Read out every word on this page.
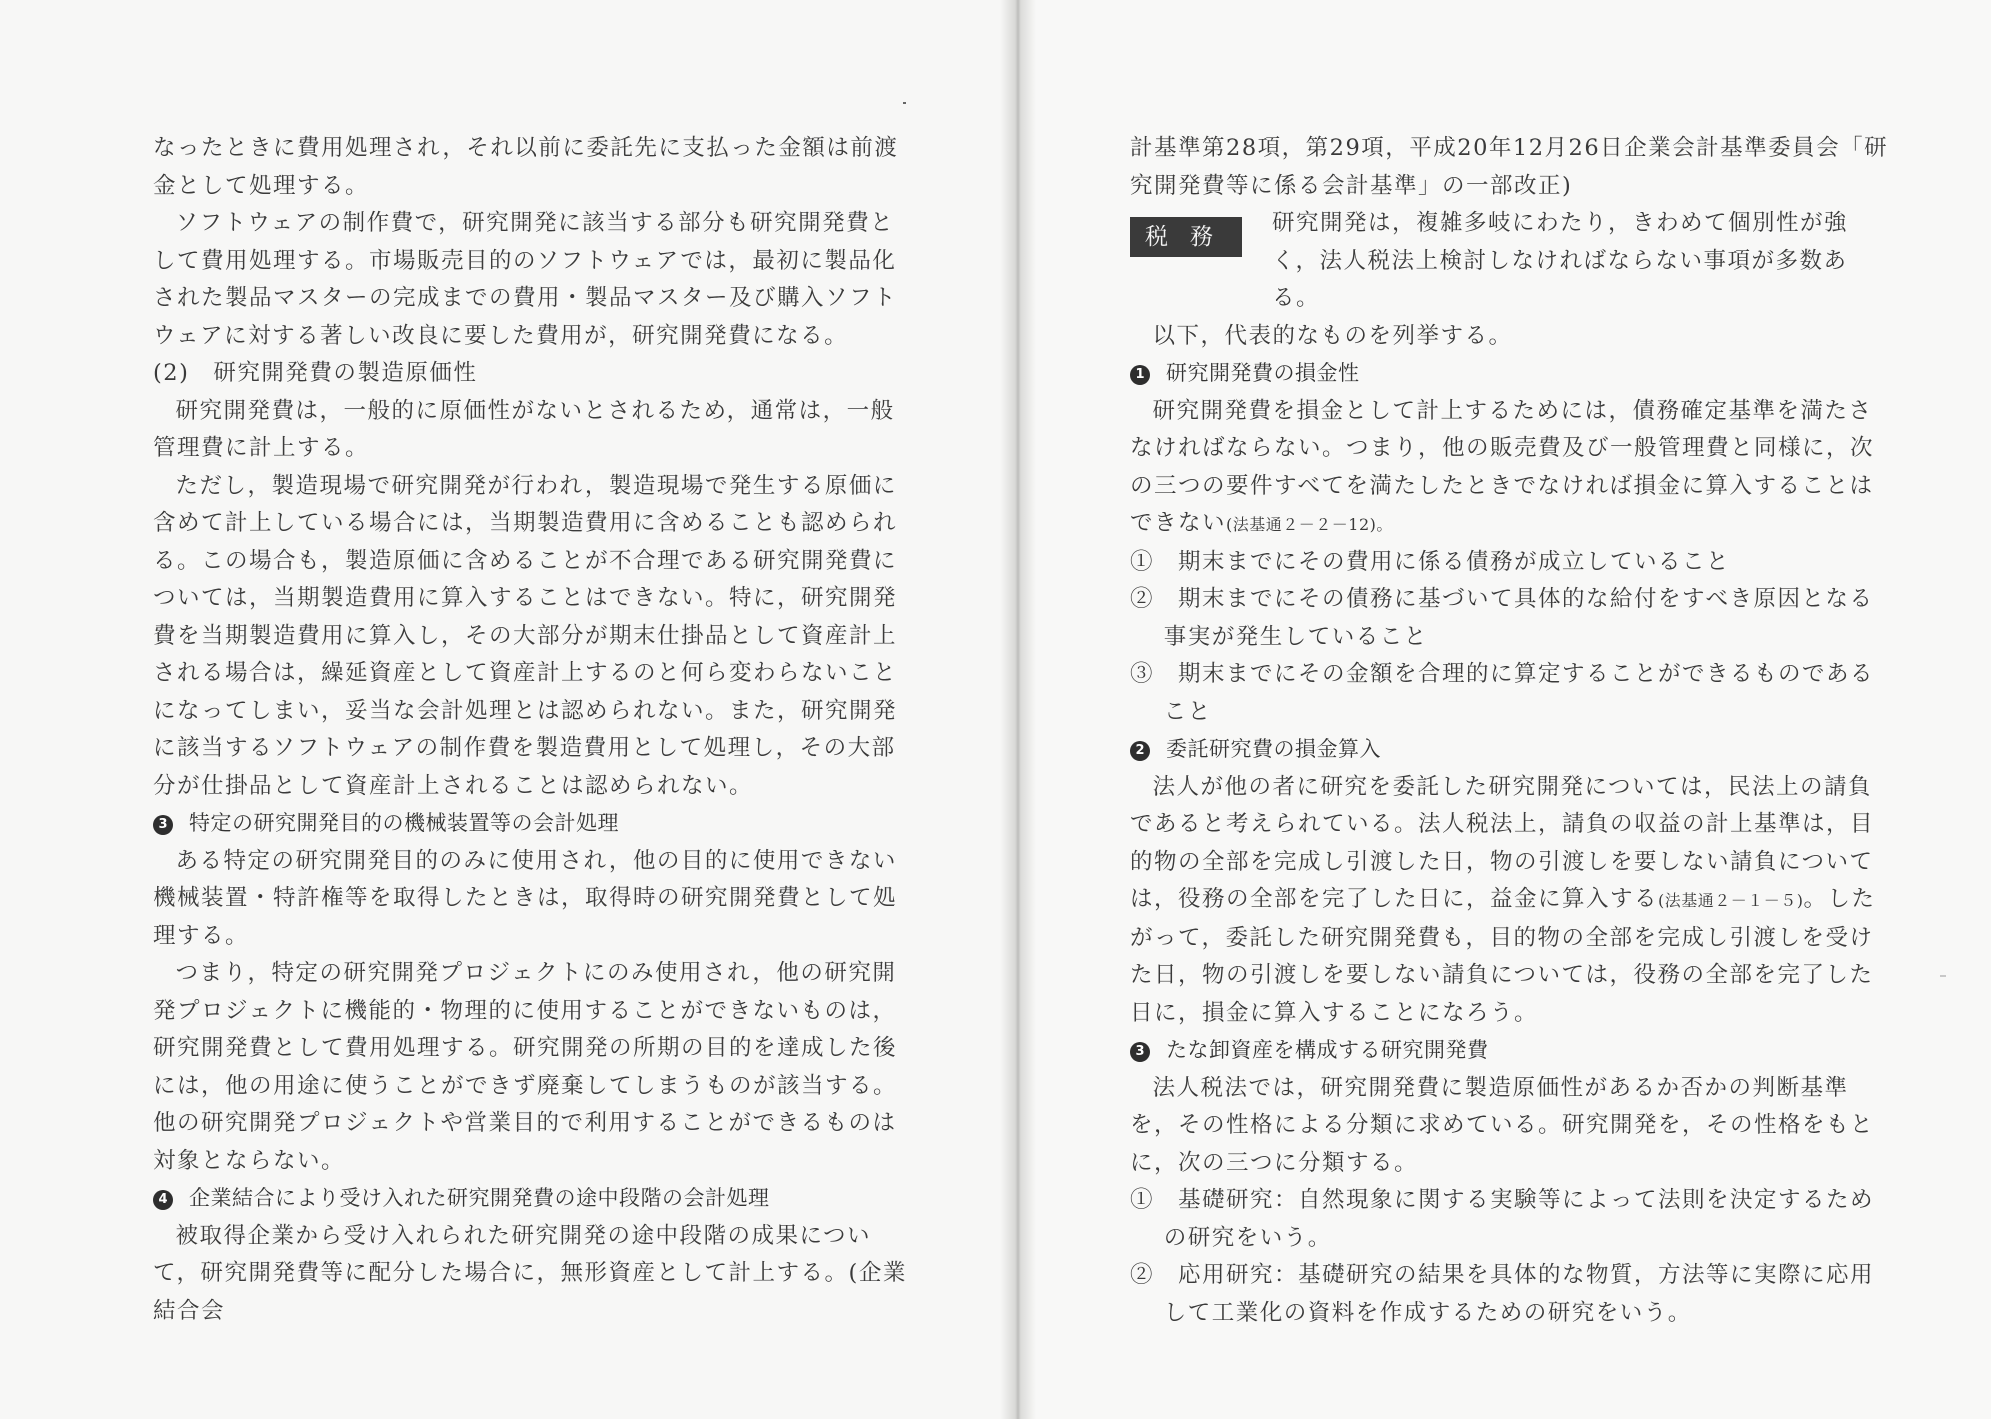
なったときに費用処理され，それ以前に委託先に支払った金額は前渡金として処理する。

ソフトウェアの制作費で，研究開発に該当する部分も研究開発費として費用処理する。市場販売目的のソフトウェアでは，最初に製品化された製品マスターの完成までの費用・製品マスター及び購入ソフトウェアに対する著しい改良に要した費用が，研究開発費になる。

(2)　研究開発費の製造原価性

研究開発費は，一般的に原価性がないとされるため，通常は，一般管理費に計上する。

ただし，製造現場で研究開発が行われ，製造現場で発生する原価に含めて計上している場合には，当期製造費用に含めることも認められる。この場合も，製造原価に含めることが不合理である研究開発費については，当期製造費用に算入することはできない。特に，研究開発費を当期製造費用に算入し，その大部分が期末仕掛品として資産計上される場合は，繰延資産として資産計上するのと何ら変わらないことになってしまい，妥当な会計処理とは認められない。また，研究開発に該当するソフトウェアの制作費を製造費用として処理し，その大部分が仕掛品として資産計上されることは認められない。

3 特定の研究開発目的の機械装置等の会計処理

ある特定の研究開発目的のみに使用され，他の目的に使用できない機械装置・特許権等を取得したときは，取得時の研究開発費として処理する。

つまり，特定の研究開発プロジェクトにのみ使用され，他の研究開発プロジェクトに機能的・物理的に使用することができないものは，研究開発費として費用処理する。研究開発の所期の目的を達成した後には，他の用途に使うことができず廃棄してしまうものが該当する。他の研究開発プロジェクトや営業目的で利用することができるものは対象とならない。

4 企業結合により受け入れた研究開発費の途中段階の会計処理

被取得企業から受け入れられた研究開発の途中段階の成果について，研究開発費等に配分した場合に，無形資産として計上する。(企業結合会

計基準第28項，第29項，平成20年12月26日企業会計基準委員会「研究開発費等に係る会計基準」の一部改正)

税務

研究開発は，複雑多岐にわたり，きわめて個別性が強く，法人税法上検討しなければならない事項が多数ある。

以下，代表的なものを列挙する。

1 研究開発費の損金性

研究開発費を損金として計上するためには，債務確定基準を満たさなければならない。つまり，他の販売費及び一般管理費と同様に，次の三つの要件すべてを満たしたときでなければ損金に算入することはできない(法基通２－２－12)。

①　期末までにその費用に係る債務が成立していること

②　期末までにその債務に基づいて具体的な給付をすべき原因となる事実が発生していること

③　期末までにその金額を合理的に算定することができるものであること

2 委託研究費の損金算入

法人が他の者に研究を委託した研究開発については，民法上の請負であると考えられている。法人税法上，請負の収益の計上基準は，目的物の全部を完成し引渡した日，物の引渡しを要しない請負については，役務の全部を完了した日に，益金に算入する(法基通２－１－５)。したがって，委託した研究開発費も，目的物の全部を完成し引渡しを受けた日，物の引渡しを要しない請負については，役務の全部を完了した日に，損金に算入することになろう。

3 たな卸資産を構成する研究開発費

法人税法では，研究開発費に製造原価性があるか否かの判断基準を，その性格による分類に求めている。研究開発を，その性格をもとに，次の三つに分類する。

①　基礎研究：自然現象に関する実験等によって法則を決定するための研究をいう。

②　応用研究：基礎研究の結果を具体的な物質，方法等に実際に応用して工業化の資料を作成するための研究をいう。
